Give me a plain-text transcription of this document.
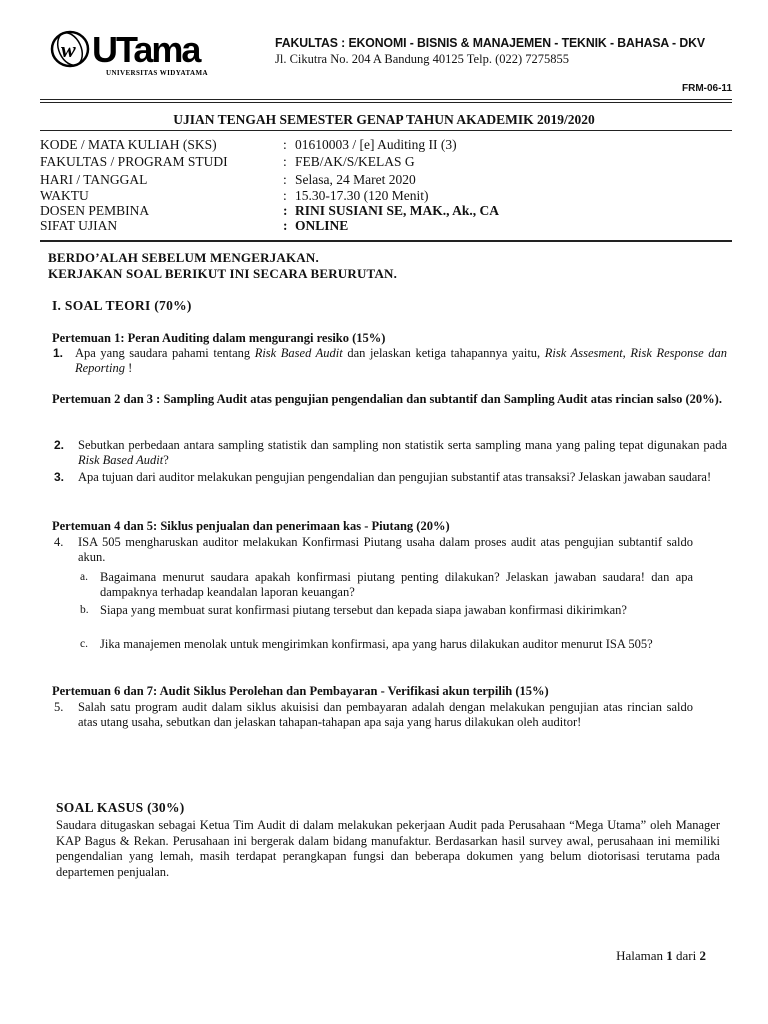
w UTama
UNIVERSITAS WIDYATAMA
FAKULTAS : EKONOMI - BISNIS & MANAJEMEN - TEKNIK - BAHASA - DKV
Jl. Cikutra No. 204 A Bandung 40125 Telp. (022) 7275855
FRM-06-11
UJIAN TENGAH SEMESTER GENAP TAHUN AKADEMIK 2019/2020
KODE / MATA KULIAH (SKS)	: 01610003 / [e] Auditing II (3)
FAKULTAS / PROGRAM STUDI	: FEB/AK/S/KELAS G
HARI / TANGGAL	: Selasa, 24 Maret 2020
WAKTU	: 15.30-17.30 (120 Menit)
DOSEN PEMBINA	: RINI SUSIANI SE, MAK., Ak., CA
SIFAT UJIAN	: ONLINE
BERDO’ALAH SEBELUM MENGERJAKAN.
KERJAKAN SOAL BERIKUT INI SECARA BERURUTAN.
I. SOAL TEORI (70%)
Pertemuan 1: Peran Auditing dalam mengurangi resiko (15%)
1. Apa yang saudara pahami tentang Risk Based Audit dan jelaskan ketiga tahapannya yaitu, Risk Assesment, Risk Response dan Reporting !
Pertemuan 2 dan 3 : Sampling Audit atas pengujian pengendalian dan subtantif dan Sampling Audit atas rincian salso (20%).
2. Sebutkan perbedaan antara sampling statistik dan sampling non statistik serta sampling mana yang paling tepat digunakan pada Risk Based Audit?
3. Apa tujuan dari auditor melakukan pengujian pengendalian dan pengujian substantif atas transaksi? Jelaskan jawaban saudara!
Pertemuan 4 dan 5: Siklus penjualan dan penerimaan kas - Piutang (20%)
4. ISA 505 mengharuskan auditor melakukan Konfirmasi Piutang usaha dalam proses audit atas pengujian subtantif saldo akun.
a. Bagaimana menurut saudara apakah konfirmasi piutang penting dilakukan? Jelaskan jawaban saudara! dan apa dampaknya terhadap keandalan laporan keuangan?
b. Siapa yang membuat surat konfirmasi piutang tersebut dan kepada siapa jawaban konfirmasi dikirimkan?
c. Jika manajemen menolak untuk mengirimkan konfirmasi, apa yang harus dilakukan auditor menurut ISA 505?
Pertemuan 6 dan 7: Audit Siklus Perolehan dan Pembayaran - Verifikasi akun terpilih (15%)
5. Salah satu program audit dalam siklus akuisisi dan pembayaran adalah dengan melakukan pengujian atas rincian saldo atas utang usaha, sebutkan dan jelaskan tahapan-tahapan apa saja yang harus dilakukan oleh auditor!
SOAL KASUS (30%)
Saudara ditugaskan sebagai Ketua Tim Audit di dalam melakukan pekerjaan Audit pada Perusahaan “Mega Utama” oleh Manager KAP Bagus & Rekan. Perusahaan ini bergerak dalam bidang manufaktur. Berdasarkan hasil survey awal, perusahaan ini memiliki pengendalian yang lemah, masih terdapat perangkapan fungsi dan beberapa dokumen yang belum diotorisasi terutama pada departemen penjualan.
Halaman 1 dari 2
